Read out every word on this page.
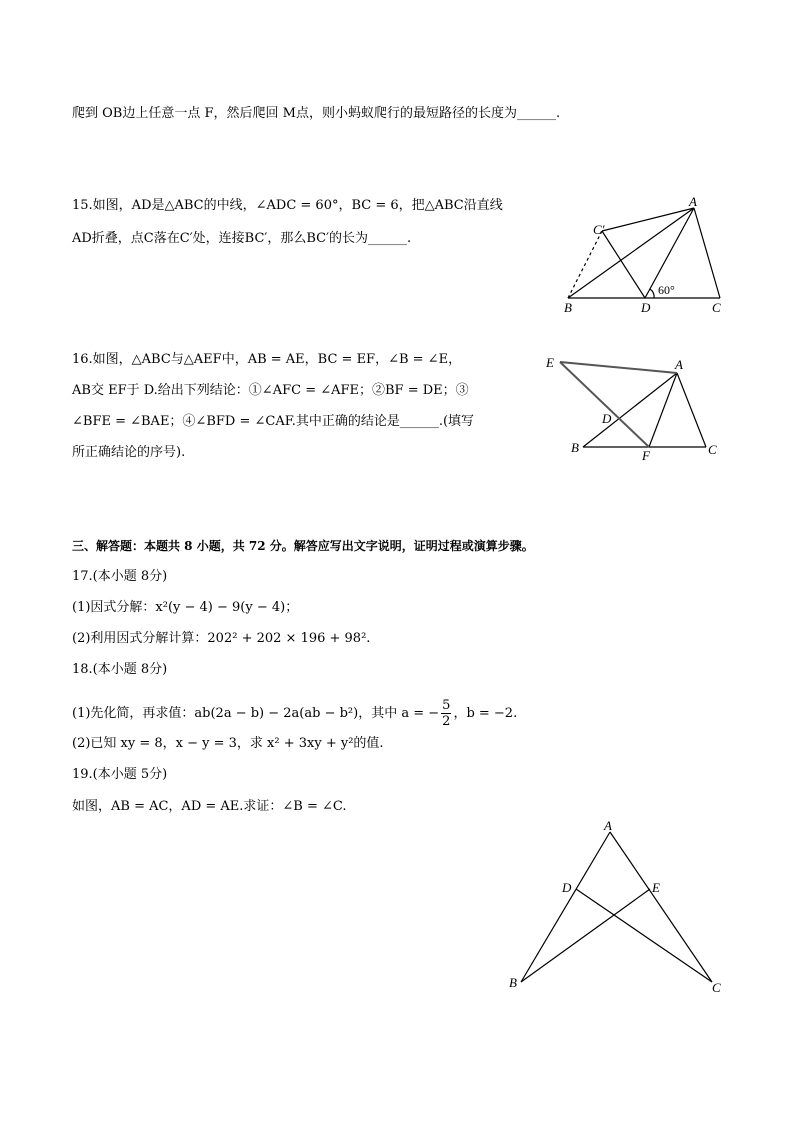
爬到 OB边上任意一点 F，然后爬回 M点，则小蚂蚁爬行的最短路径的长度为______.
15.如图，AD是△ABC的中线，∠ADC = 60°，BC = 6，把△ABC沿直线
AD折叠，点C落在C′处，连接BC′，那么BC′的长为______.
A
B	D	C
C′
60°
16.如图，△ABC与△AEF中，AB = AE，BC = EF，∠B = ∠E，
AB交 EF于 D.给出下列结论：①∠AFC = ∠AFE；②BF = DE；③
∠BFE = ∠BAE；④∠BFD = ∠CAF.其中正确的结论是______.(填写
所正确结论的序号).
E	A
D
B
F	C
三、解答题：本题共 8 小题，共 72 分。解答应写出文字说明，证明过程或演算步骤。
17.(本小题 8分)
(1)因式分解：x²(y − 4) − 9(y − 4)；
(2)利用因式分解计算：202² + 202 × 196 + 98².
18.(本小题 8分)
(1)先化简，再求值：ab(2a − b) − 2a(ab − b²)，其中 a = − $\frac{5}{2}$ ，b = −2.
(2)已知 xy = 8，x − y = 3，求 x² + 3xy + y²的值.
19.(本小题 5分)
如图，AB = AC，AD = AE.求证：∠B = ∠C.
A
D	E
B	C
